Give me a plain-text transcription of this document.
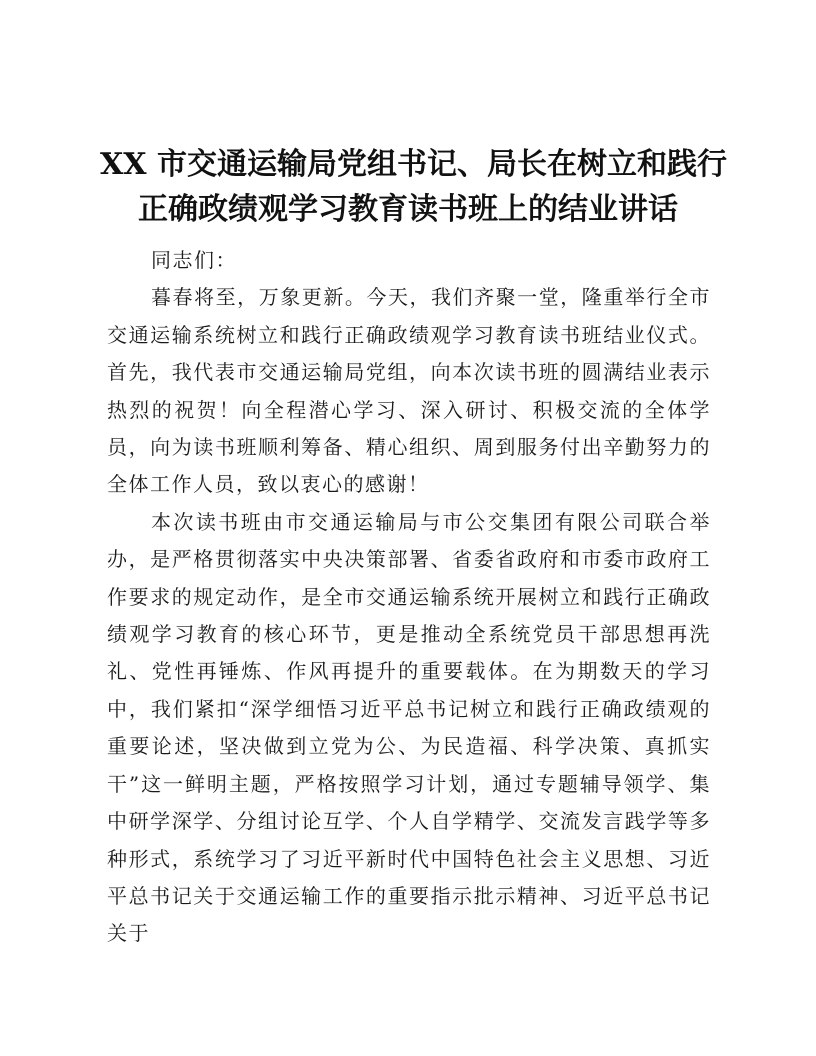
XX 市交通运输局党组书记、局长在树立和践行
正确政绩观学习教育读书班上的结业讲话

同志们：

暮春将至，万象更新。今天，我们齐聚一堂，隆重举行全市交通运输系统树立和践行正确政绩观学习教育读书班结业仪式。首先，我代表市交通运输局党组，向本次读书班的圆满结业表示热烈的祝贺！向全程潜心学习、深入研讨、积极交流的全体学员，向为读书班顺利筹备、精心组织、周到服务付出辛勤努力的全体工作人员，致以衷心的感谢！

本次读书班由市交通运输局与市公交集团有限公司联合举办，是严格贯彻落实中央决策部署、省委省政府和市委市政府工作要求的规定动作，是全市交通运输系统开展树立和践行正确政绩观学习教育的核心环节，更是推动全系统党员干部思想再洗礼、党性再锤炼、作风再提升的重要载体。在为期数天的学习中，我们紧扣“深学细悟习近平总书记树立和践行正确政绩观的重要论述，坚决做到立党为公、为民造福、科学决策、真抓实干”这一鲜明主题，严格按照学习计划，通过专题辅导领学、集中研学深学、分组讨论互学、个人自学精学、交流发言践学等多种形式，系统学习了习近平新时代中国特色社会主义思想、习近平总书记关于交通运输工作的重要指示批示精神、习近平总书记关于
